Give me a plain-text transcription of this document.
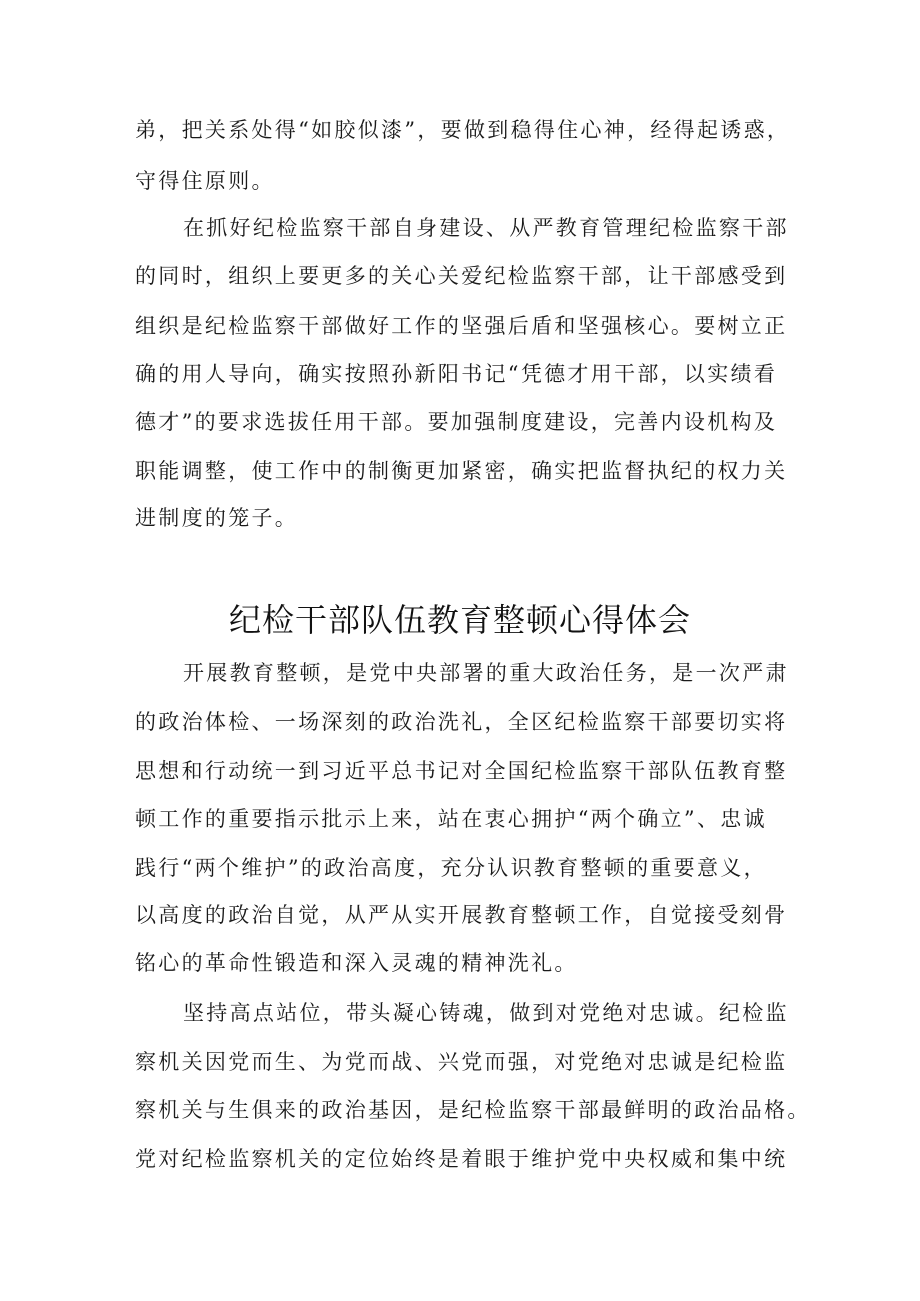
弟，把关系处得“如胶似漆”，要做到稳得住心神，经得起诱惑，
守得住原则。
在抓好纪检监察干部自身建设、从严教育管理纪检监察干部
的同时，组织上要更多的关心关爱纪检监察干部，让干部感受到
组织是纪检监察干部做好工作的坚强后盾和坚强核心。要树立正
确的用人导向，确实按照孙新阳书记“凭德才用干部，以实绩看
德才”的要求选拔任用干部。要加强制度建设，完善内设机构及
职能调整，使工作中的制衡更加紧密，确实把监督执纪的权力关
进制度的笼子。
纪检干部队伍教育整顿心得体会
开展教育整顿，是党中央部署的重大政治任务，是一次严肃
的政治体检、一场深刻的政治洗礼，全区纪检监察干部要切实将
思想和行动统一到习近平总书记对全国纪检监察干部队伍教育整
顿工作的重要指示批示上来，站在衷心拥护“两个确立”、忠诚
践行“两个维护”的政治高度，充分认识教育整顿的重要意义，
以高度的政治自觉，从严从实开展教育整顿工作，自觉接受刻骨
铭心的革命性锻造和深入灵魂的精神洗礼。
坚持高点站位，带头凝心铸魂，做到对党绝对忠诚。纪检监
察机关因党而生、为党而战、兴党而强，对党绝对忠诚是纪检监
察机关与生俱来的政治基因，是纪检监察干部最鲜明的政治品格。
党对纪检监察机关的定位始终是着眼于维护党中央权威和集中统
